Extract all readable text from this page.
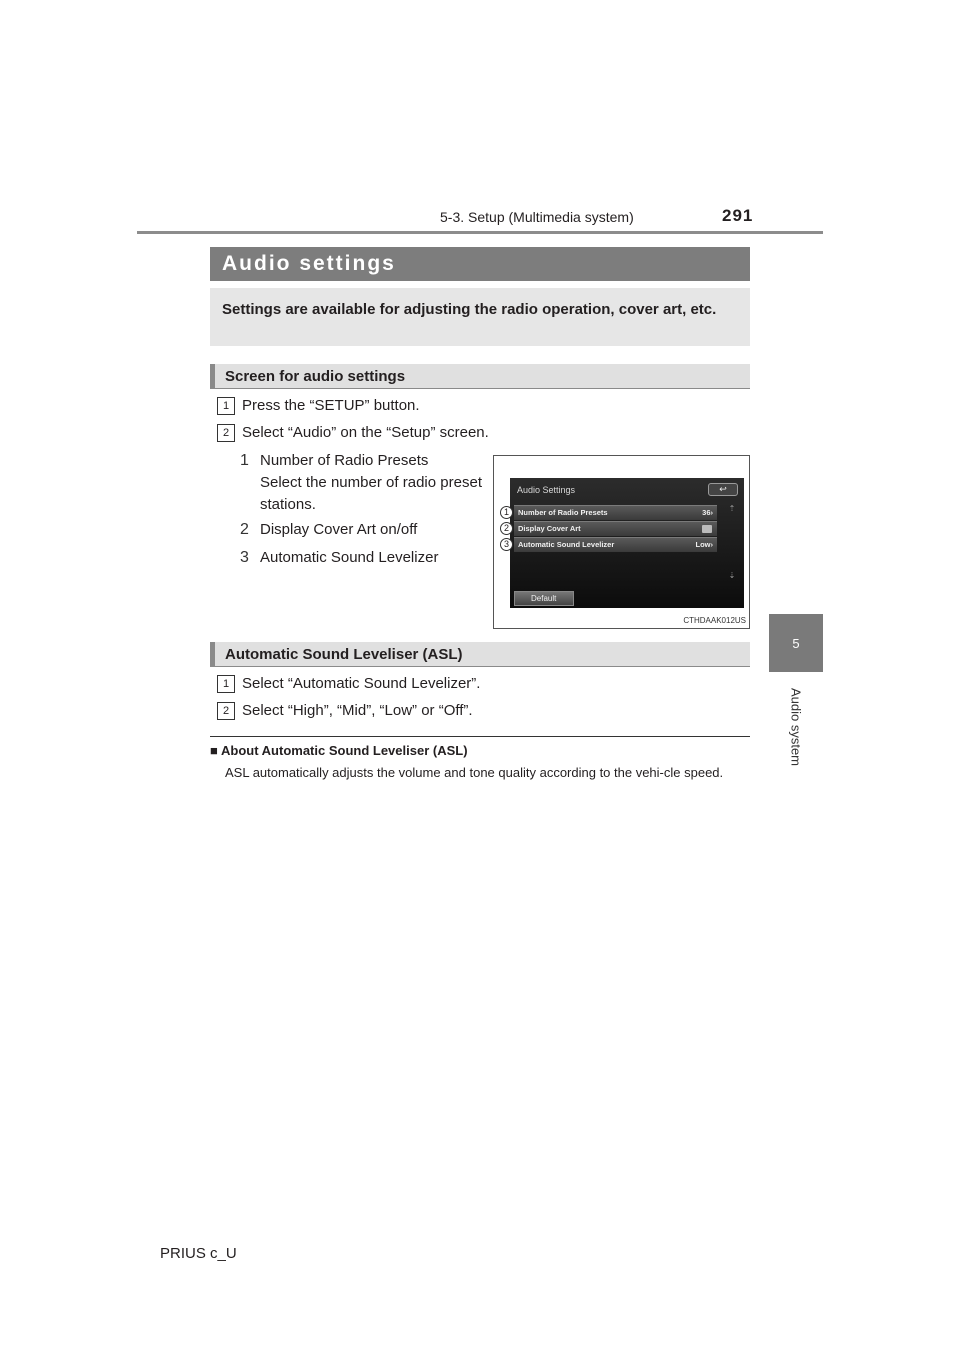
5-3. Setup (Multimedia system)	291
5
Audio system
Audio settings
Settings are available for adjusting the radio operation, cover art, etc.
Screen for audio settings
1 Press the “SETUP” button.
2 Select “Audio” on the “Setup” screen.
1 Number of Radio Presets
Select the number of radio preset stations.
2 Display Cover Art on/off
3 Automatic Sound Levelizer
Audio Settings	↩
Number of Radio Presets	36›
Display Cover Art
Automatic Sound Levelizer	Low›
⇡
⇣
Default
1
2
3
CTHDAAK012US
Automatic Sound Leveliser (ASL)
1 Select “Automatic Sound Levelizer”.
2 Select “High”, “Mid”, “Low” or “Off”.
■ About Automatic Sound Leveliser (ASL)
ASL automatically adjusts the volume and tone quality according to the vehi-cle speed.
PRIUS c_U
